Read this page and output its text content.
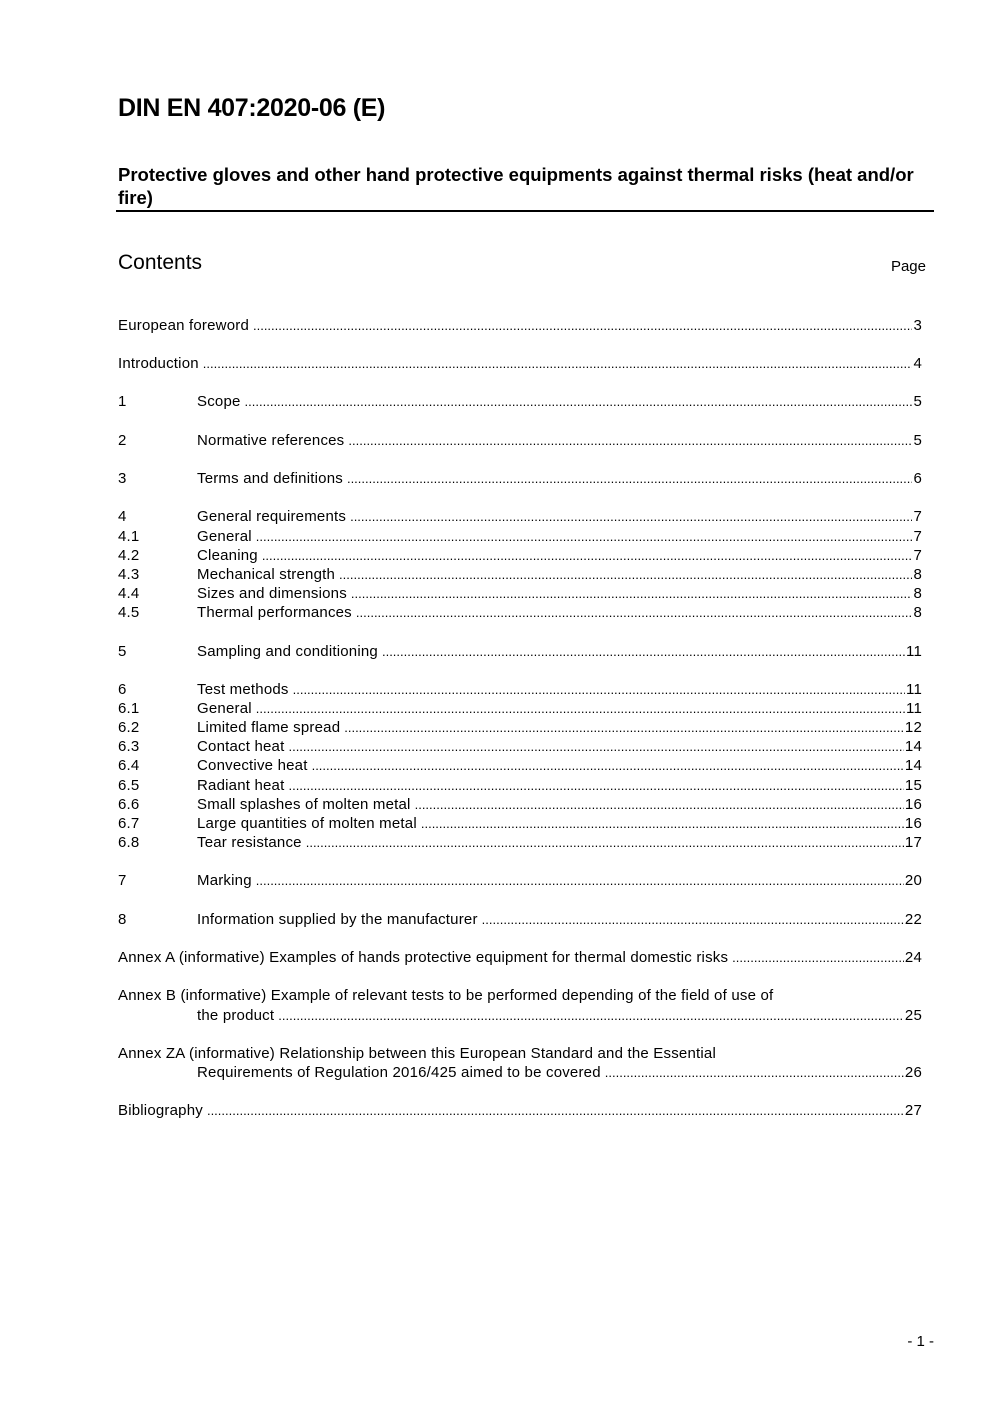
DIN EN 407:2020-06 (E)
Protective gloves and other hand protective equipments against thermal risks (heat and/or fire)
Contents	Page
European foreword .....	3
Introduction .....	4
1	Scope .....	5
2	Normative references .....	5
3	Terms and definitions .....	6
4	General requirements .....	7
4.1	General .....	7
4.2	Cleaning .....	7
4.3	Mechanical strength .....	8
4.4	Sizes and dimensions .....	8
4.5	Thermal performances .....	8
5	Sampling and conditioning .....	11
6	Test methods .....	11
6.1	General .....	11
6.2	Limited flame spread .....	12
6.3	Contact heat .....	14
6.4	Convective heat .....	14
6.5	Radiant heat .....	15
6.6	Small splashes of molten metal .....	16
6.7	Large quantities of molten metal .....	16
6.8	Tear resistance .....	17
7	Marking .....	20
8	Information supplied by the manufacturer .....	22
Annex A (informative) Examples of hands protective equipment for thermal domestic risks .....	24
Annex B (informative) Example of relevant tests to be performed depending of the field of use of
the product .....	25
Annex ZA (informative) Relationship between this European Standard and the Essential
Requirements of Regulation 2016/425 aimed to be covered .....	26
Bibliography .....	27
- 1 -
